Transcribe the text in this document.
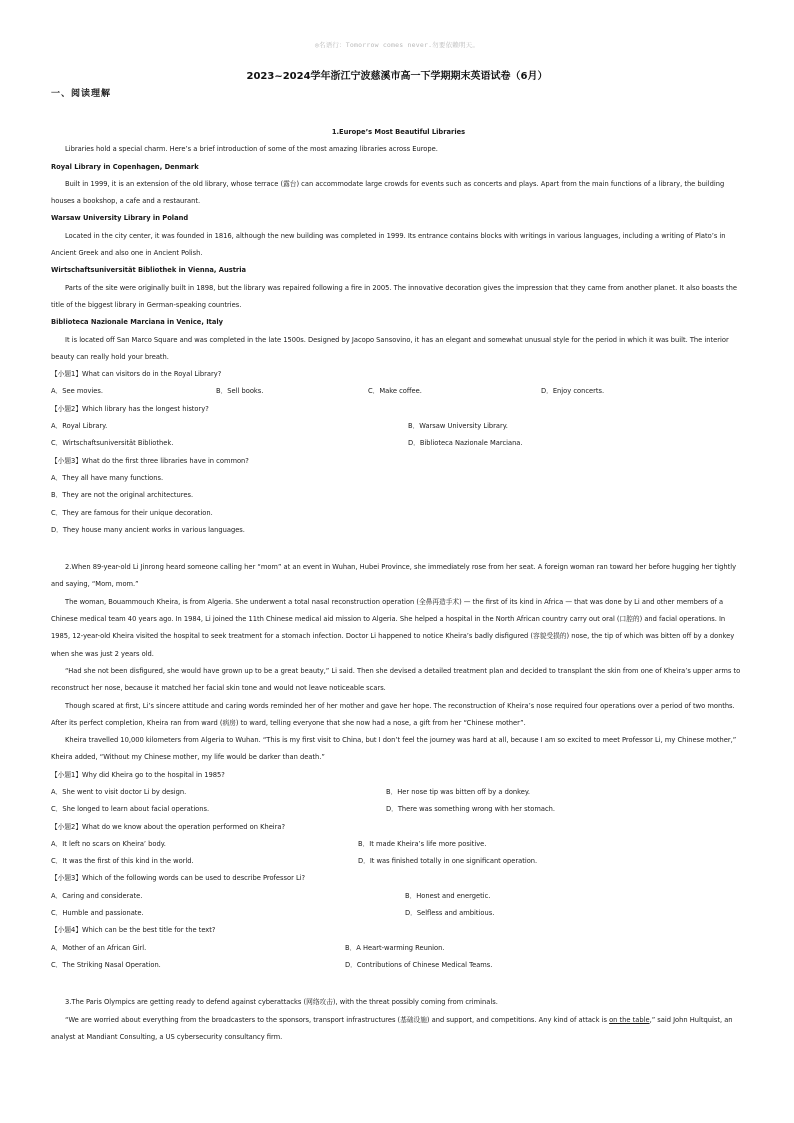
◎名语行：Tomorrow comes never.勿要依赖明天。
2023~2024学年浙江宁波慈溪市高一下学期期末英语试卷（6月）
一、阅读理解

1.Europe’s Most Beautiful Libraries

Libraries hold a special charm. Here’s a brief introduction of some of the most amazing libraries across Europe.

Royal Library in Copenhagen, Denmark

Built in 1999, it is an extension of the old library, whose terrace (露台) can accommodate large crowds for events such as concerts and plays. Apart from the main functions of a library, the building houses a bookshop, a cafe and a restaurant.

Warsaw University Library in Poland

Located in the city center, it was founded in 1816, although the new building was completed in 1999. Its entrance contains blocks with writings in various languages, including a writing of Plato’s in Ancient Greek and also one in Ancient Polish.

Wirtschaftsuniversität Bibliothek in Vienna, Austria

Parts of the site were originally built in 1898, but the library was repaired following a fire in 2005. The innovative decoration gives the impression that they came from another planet. It also boasts the title of the biggest library in German-speaking countries.

Biblioteca Nazionale Marciana in Venice, Italy

It is located off San Marco Square and was completed in the late 1500s. Designed by Jacopo Sansovino, it has an elegant and somewhat unusual style for the period in which it was built. The interior beauty can really hold your breath.

【小题1】What can visitors do in the Royal Library?

A．See movies.	B．Sell books.	C．Make coffee.	D．Enjoy concerts.

【小题2】Which library has the longest history?

A．Royal Library.	B．Warsaw University Library.
C．Wirtschaftsuniversität Bibliothek.	D．Biblioteca Nazionale Marciana.

【小题3】What do the first three libraries have in common?

A．They all have many functions.

B．They are not the original architectures.

C．They are famous for their unique decoration.

D．They house many ancient works in various languages.

2.When 89-year-old Li Jinrong heard someone calling her “mom” at an event in Wuhan, Hubei Province, she immediately rose from her seat. A foreign woman ran toward her before hugging her tightly and saying, “Mom, mom.”

The woman, Bouammouch Kheira, is from Algeria. She underwent a total nasal reconstruction operation (全鼻再造手术) — the first of its kind in Africa — that was done by Li and other members of a Chinese medical team 40 years ago. In 1984, Li joined the 11th Chinese medical aid mission to Algeria. She helped a hospital in the North African country carry out oral (口腔的) and facial operations. In 1985, 12-year-old Kheira visited the hospital to seek treatment for a stomach infection. Doctor Li happened to notice Kheira’s badly disfigured (容貌受损的) nose, the tip of which was bitten off by a donkey when she was just 2 years old.

“Had she not been disfigured, she would have grown up to be a great beauty,” Li said. Then she devised a detailed treatment plan and decided to transplant the skin from one of Kheira’s upper arms to reconstruct her nose, because it matched her facial skin tone and would not leave noticeable scars.

Though scared at first, Li’s sincere attitude and caring words reminded her of her mother and gave her hope. The reconstruction of Kheira’s nose required four operations over a period of two months. After its perfect completion, Kheira ran from ward (病房) to ward, telling everyone that she now had a nose, a gift from her “Chinese mother”.

Kheira travelled 10,000 kilometers from Algeria to Wuhan. “This is my first visit to China, but I don’t feel the journey was hard at all, because I am so excited to meet Professor Li, my Chinese mother,” Kheira added, “Without my Chinese mother, my life would be darker than death.”

【小题1】Why did Kheira go to the hospital in 1985?

A．She went to visit doctor Li by design.	B．Her nose tip was bitten off by a donkey.
C．She longed to learn about facial operations.	D．There was something wrong with her stomach.

【小题2】What do we know about the operation performed on Kheira?

A．It left no scars on Kheira’ body.	B．It made Kheira’s life more positive.
C．It was the first of this kind in the world.	D．It was finished totally in one significant operation.

【小题3】Which of the following words can be used to describe Professor Li?

A．Caring and considerate.	B．Honest and energetic.
C．Humble and passionate.	D．Selfless and ambitious.

【小题4】Which can be the best title for the text?

A．Mother of an African Girl.	B．A Heart-warming Reunion.
C．The Striking Nasal Operation.	D．Contributions of Chinese Medical Teams.

3.The Paris Olympics are getting ready to defend against cyberattacks (网络攻击), with the threat possibly coming from criminals.

“We are worried about everything from the broadcasters to the sponsors, transport infrastructures (基础设施) and support, and competitions. Any kind of attack is on the table,” said John Hultquist, an analyst at Mandiant Consulting, a US cybersecurity consultancy firm.
